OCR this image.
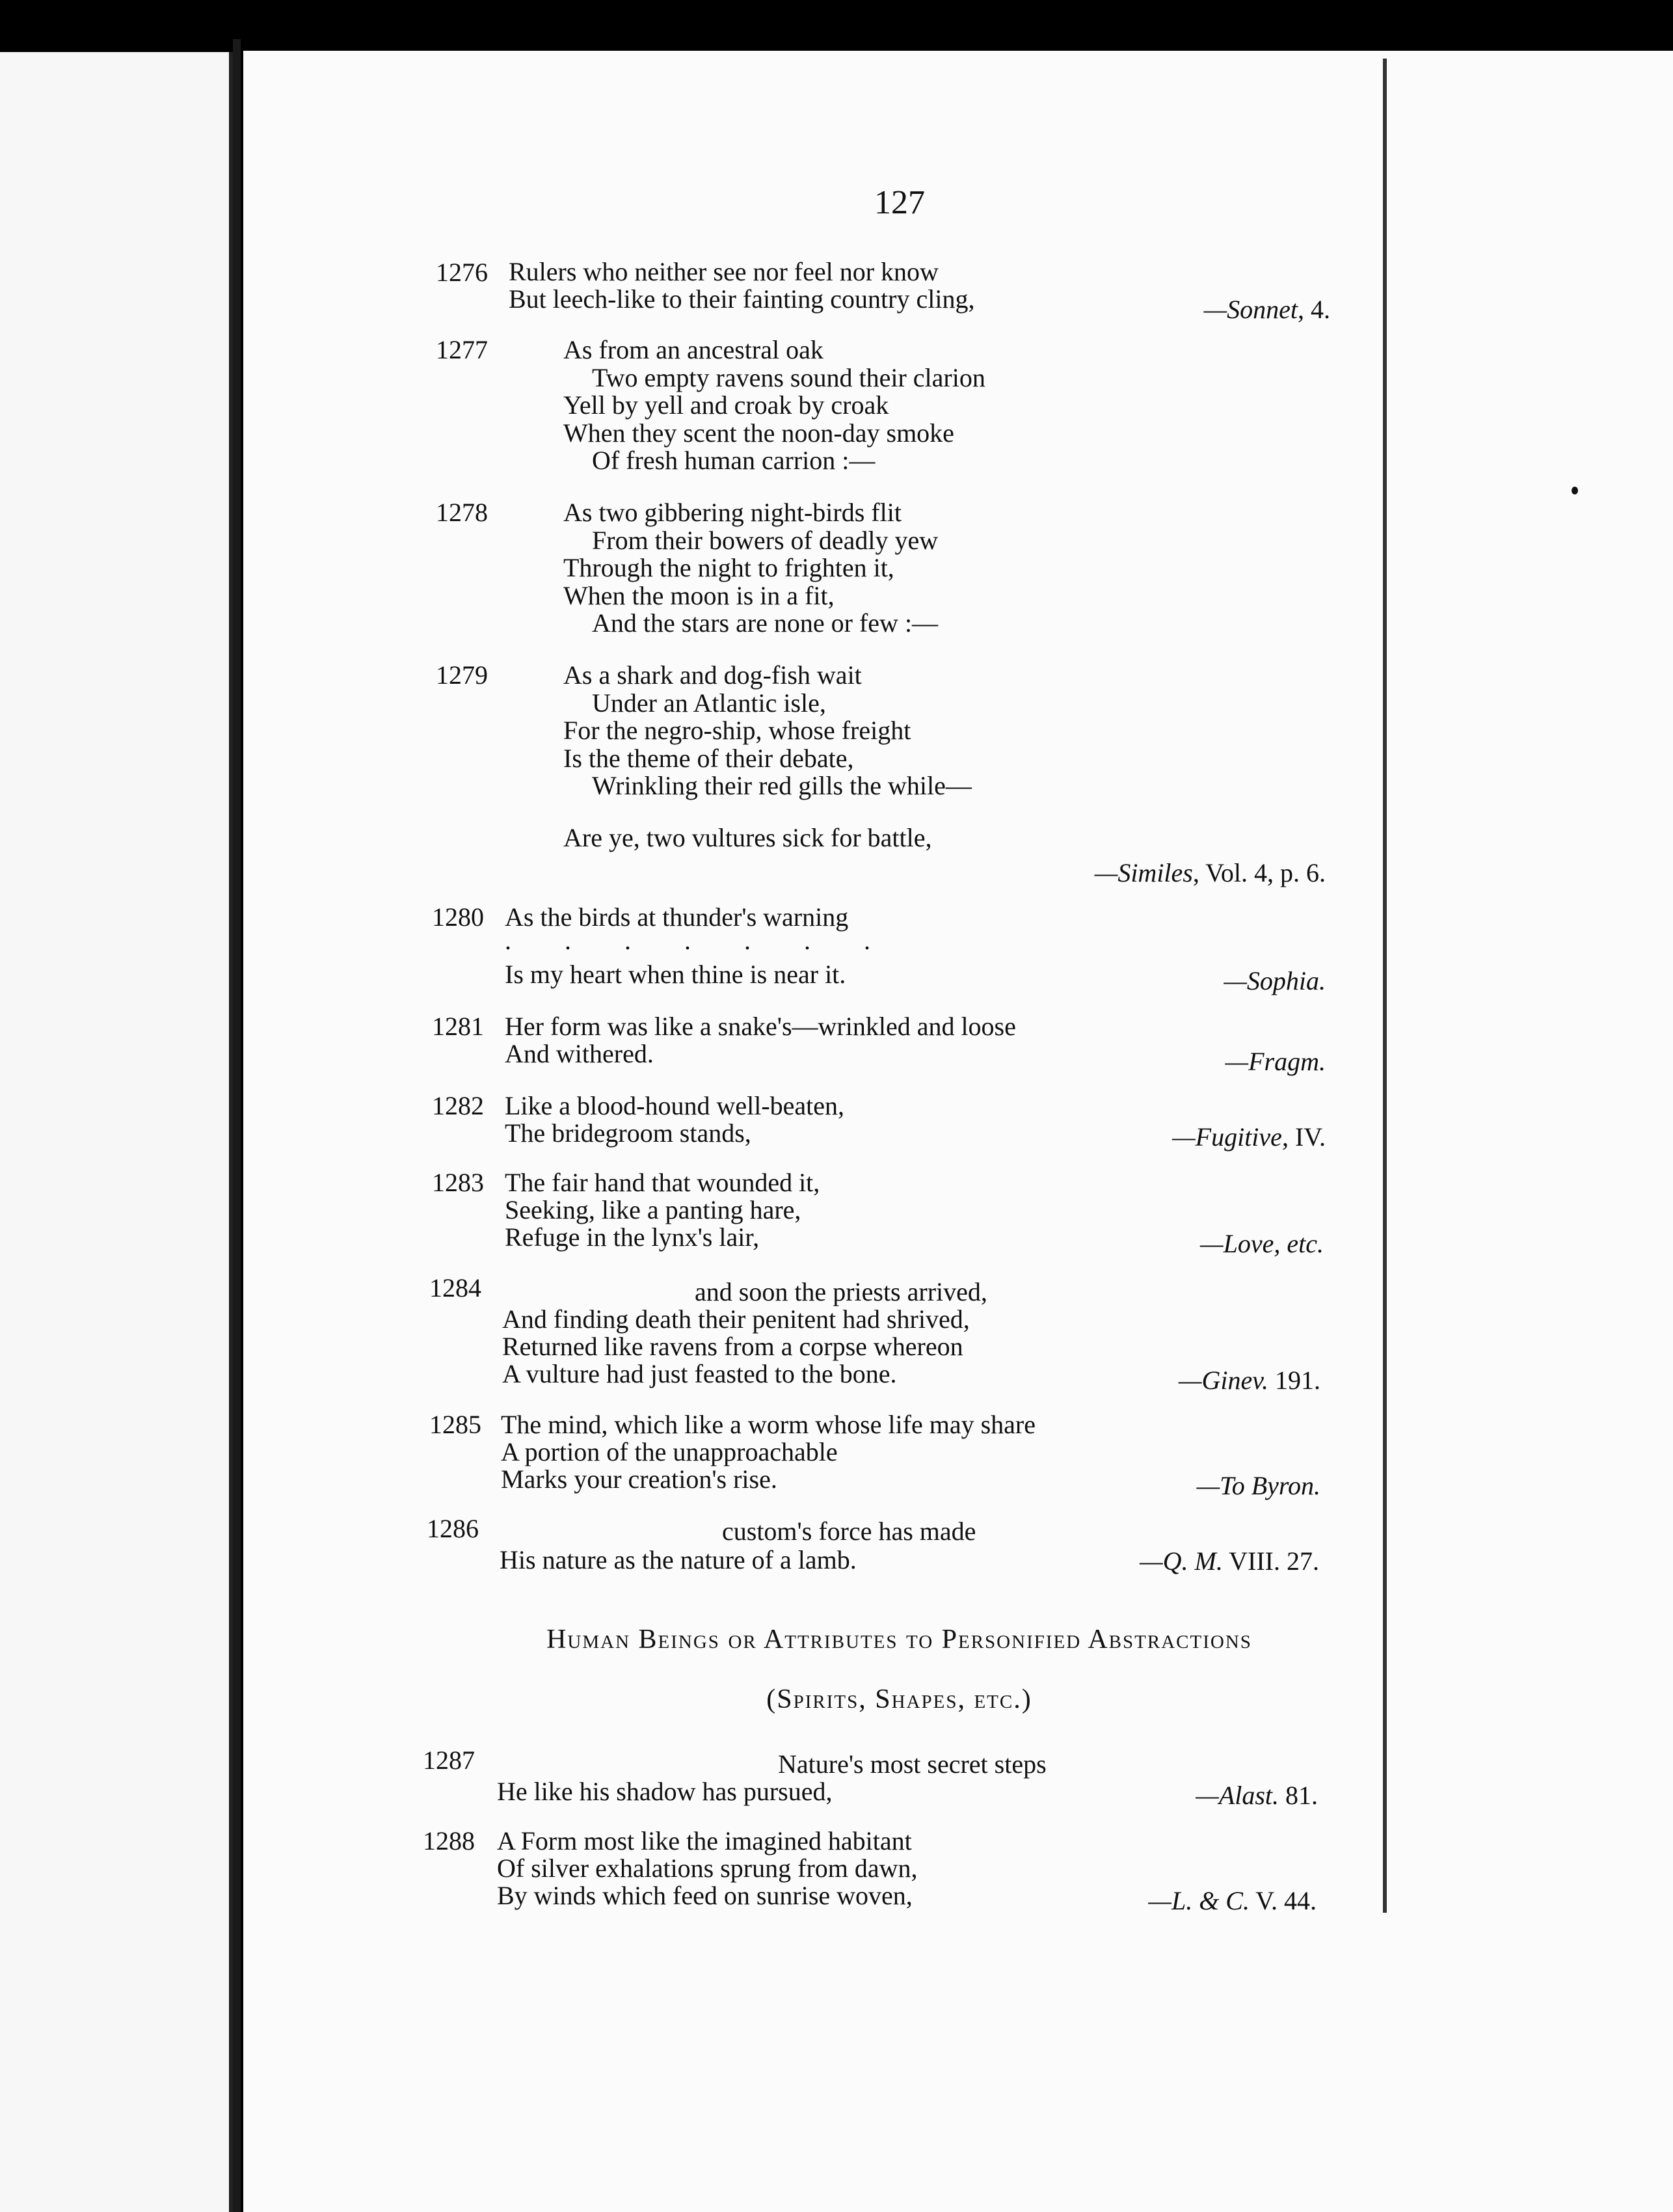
127
1276 Rulers who neither see nor feel nor know
But leech-like to their fainting country cling,	—Sonnet, 4.
1277	As from an ancestral oak
Two empty ravens sound their clarion
Yell by yell and croak by croak
When they scent the noon-day smoke
Of fresh human carrion :—
1278	As two gibbering night-birds flit
From their bowers of deadly yew
Through the night to frighten it,
When the moon is in a fit,
And the stars are none or few :—
1279	As a shark and dog-fish wait
Under an Atlantic isle,
For the negro-ship, whose freight
Is the theme of their debate,
Wrinkling their red gills the while—
Are ye, two vultures sick for battle,
—Similes, Vol. 4, p. 6.
1280 As the birds at thunder's warning
. . . . . . .
Is my heart when thine is near it.	—Sophia.
1281 Her form was like a snake's—wrinkled and loose
And withered.	—Fragm.
1282 Like a blood-hound well-beaten,
The bridegroom stands,	—Fugitive, IV.
1283 The fair hand that wounded it,
Seeking, like a panting hare,
Refuge in the lynx's lair,	—Love, etc.
1284	and soon the priests arrived,
And finding death their penitent had shrived,
Returned like ravens from a corpse whereon
A vulture had just feasted to the bone.	—Ginev. 191.
1285 The mind, which like a worm whose life may share
A portion of the unapproachable
Marks your creation's rise.	—To Byron.
1286	custom's force has made
His nature as the nature of a lamb.	—Q. M. VIII. 27.
Human Beings or Attributes to Personified Abstractions
(Spirits, Shapes, etc.)
1287	Nature's most secret steps
He like his shadow has pursued,	—Alast. 81.
1288 A Form most like the imagined habitant
Of silver exhalations sprung from dawn,
By winds which feed on sunrise woven,	—L. & C. V. 44.
